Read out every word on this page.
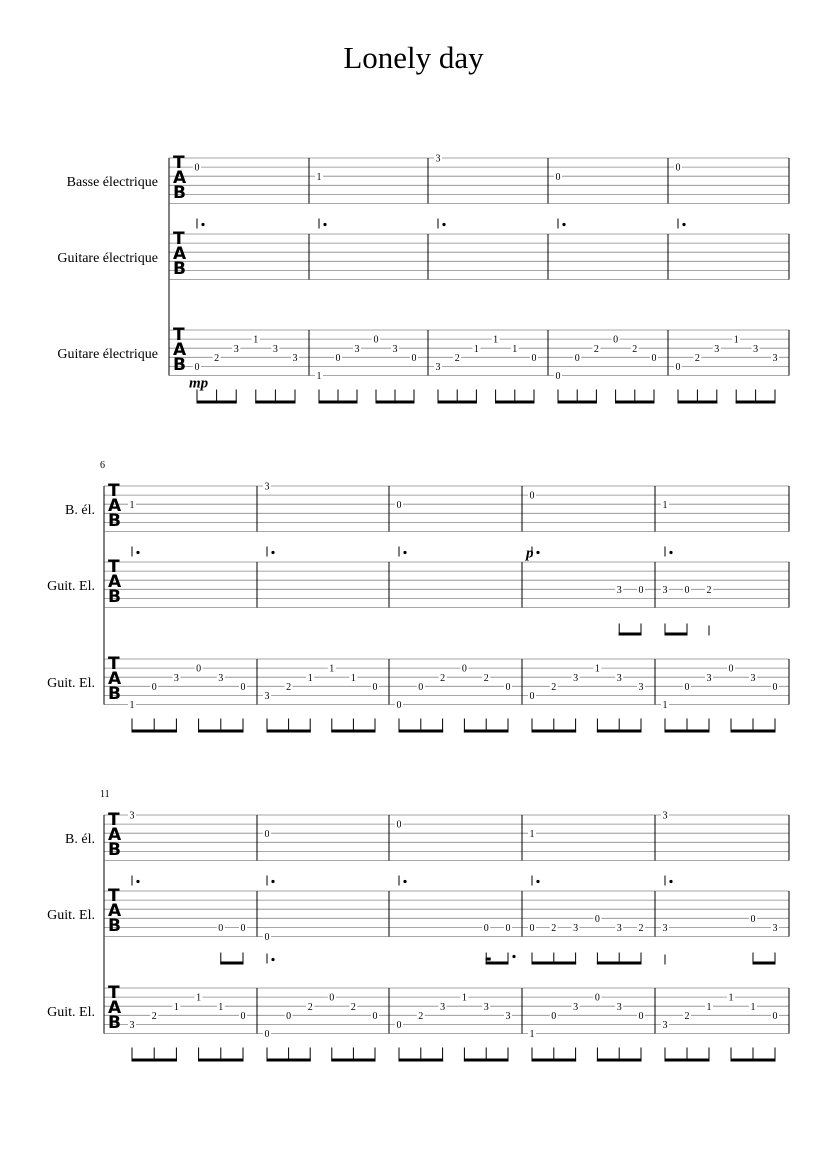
Lonely day
T
A
B
Basse électrique
T
A
B
Guitare électrique
T
A
B
Guitare électrique
0
0
2
3
1
3
3
mp
1
1
0
3
0
3
0
3
3
2
1
1
1
0
0
0
0
2
0
2
0
0
0
2
3
1
3
3
6
T
A
B
B. él.
T
A
B
Guit. El.
T
A
B
Guit. El.
1
1
0
3
0
3
0
3
3
2
1
1
1
0
0
0
0
2
0
2
0
0
p
3 0
0
2
3
1
3
3
1
3 0 2
1
0
3
0
3
0
11
T
A
B
B. él.
T
A
B
Guit. El.
T
A
B
Guit. El.
3
0 0
3
2
1
1
1
0
0
0
0
0
2
0
2
0
0
0 0
0
2
3
1
3
3
1
0 2 3
0
3 2
1
0
3
0
3
0
3
3
0
3
3
2
1
1
1
0
